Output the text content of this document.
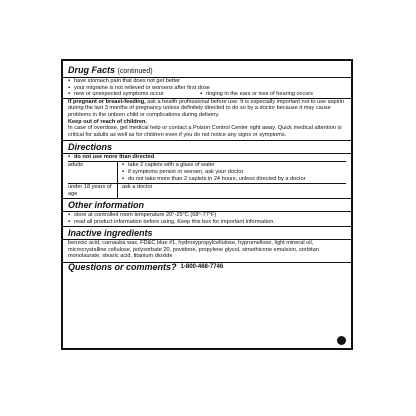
Drug Facts (continued)
▪ have stomach pain that does not get better
▪ your migraine is not relieved or worsens after first dose
▪ new or unexpected symptoms occur	▪ ringing in the ears or loss of hearing occurs

If pregnant or breast-feeding, ask a health professional before use. It is especially important not to use aspirin during the last 3 months of pregnancy unless definitely directed to do so by a doctor because it may cause problems in the unborn child or complications during delivery.

Keep out of reach of children.

In case of overdose, get medical help or contact a Poison Control Center right away. Quick medical attention is critical for adults as well as for children even if you do not notice any signs or symptoms.

Directions
▪ do not use more than directed
adults	▪ take 2 caplets with a glass of water
▪ if symptoms persist or worsen, ask your doctor
▪ do not take more than 2 caplets in 24 hours, unless directed by a doctor

under 18 years of age	ask a doctor
Other information
▪ store at controlled room temperature 20°-25°C (68°-77°F)
▪ read all product information before using. Keep this box for important information.
Inactive ingredients

benzoic acid, carnauba wax, FD&C blue #1, hydroxypropylcellulose, hypromellose, light mineral oil, microcrystalline cellulose, polysorbate 20, povidone, propylene glycol, simethicone emulsion, sorbitan monolaurate, stearic acid, titanium dioxide

Questions or comments? 1-800-468-7746
